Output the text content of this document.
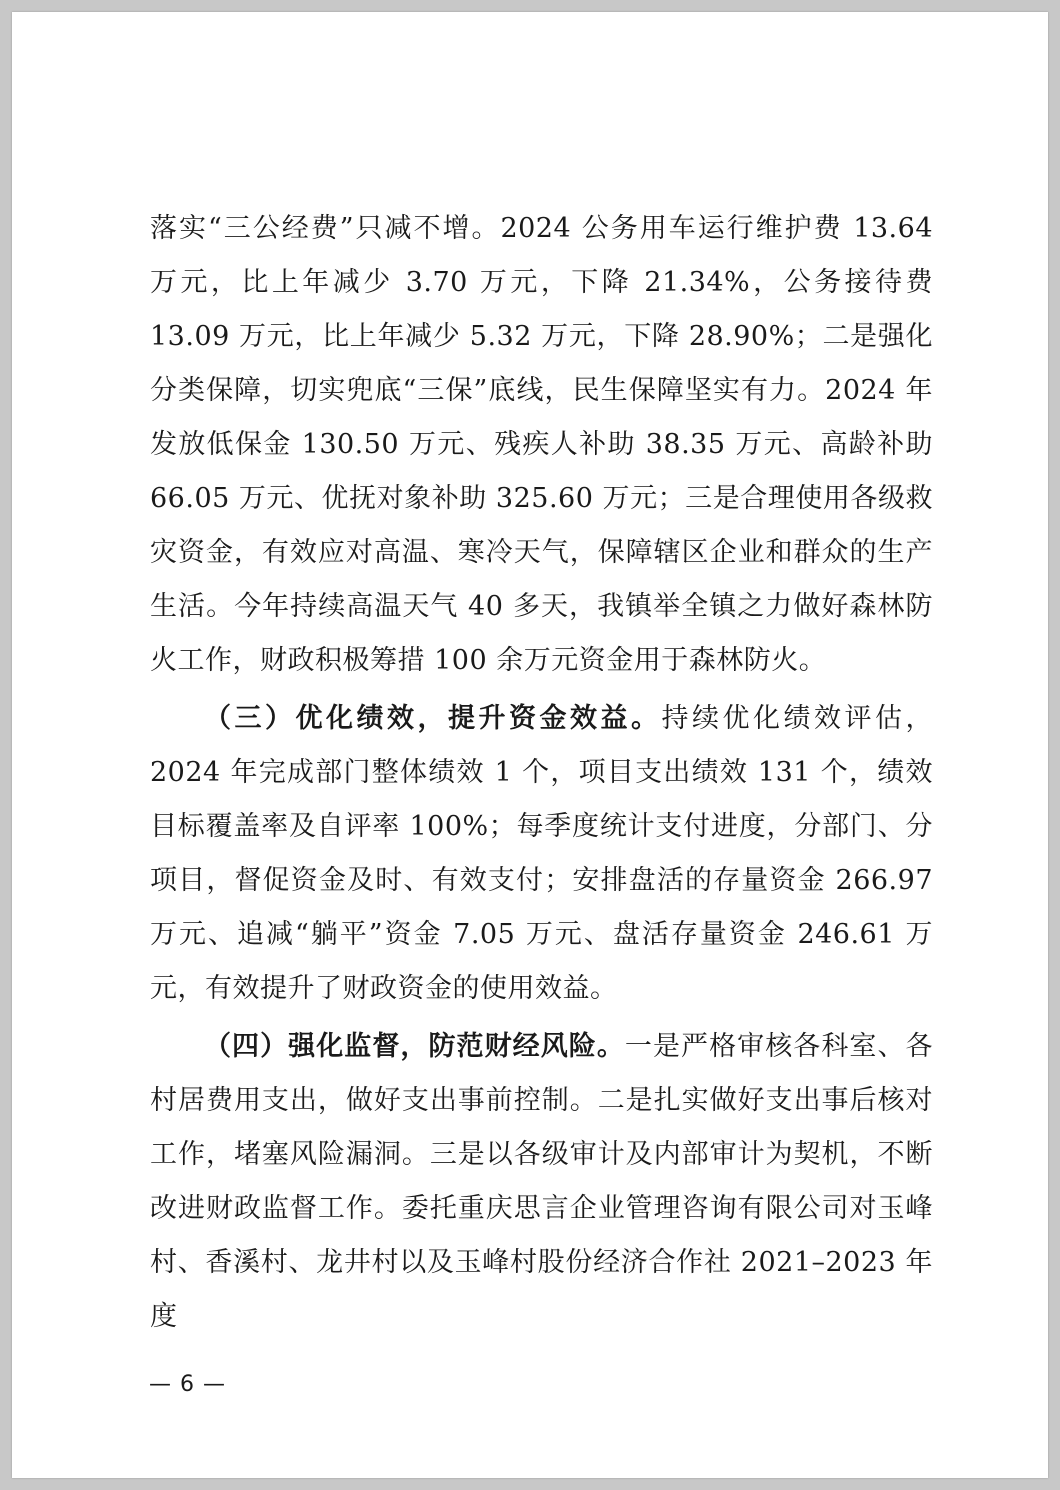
落实“三公经费”只减不增。2024 公务用车运行维护费 13.64 万元，比上年减少 3.70 万元，下降 21.34%，公务接待费 13.09 万元，比上年减少 5.32 万元，下降 28.90%；二是强化分类保障，切实兜底“三保”底线，民生保障坚实有力。2024 年发放低保金 130.50 万元、残疾人补助 38.35 万元、高龄补助 66.05 万元、优抚对象补助 325.60 万元；三是合理使用各级救灾资金，有效应对高温、寒冷天气，保障辖区企业和群众的生产生活。今年持续高温天气 40 多天，我镇举全镇之力做好森林防火工作，财政积极筹措 100 余万元资金用于森林防火。

（三）优化绩效，提升资金效益。持续优化绩效评估，2024 年完成部门整体绩效 1 个，项目支出绩效 131 个，绩效目标覆盖率及自评率 100%；每季度统计支付进度，分部门、分项目，督促资金及时、有效支付；安排盘活的存量资金 266.97 万元、追减“躺平”资金 7.05 万元、盘活存量资金 246.61 万元，有效提升了财政资金的使用效益。

（四）强化监督，防范财经风险。一是严格审核各科室、各村居费用支出，做好支出事前控制。二是扎实做好支出事后核对工作，堵塞风险漏洞。三是以各级审计及内部审计为契机，不断改进财政监督工作。委托重庆思言企业管理咨询有限公司对玉峰村、香溪村、龙井村以及玉峰村股份经济合作社 2021–2023 年度

— 6 —
